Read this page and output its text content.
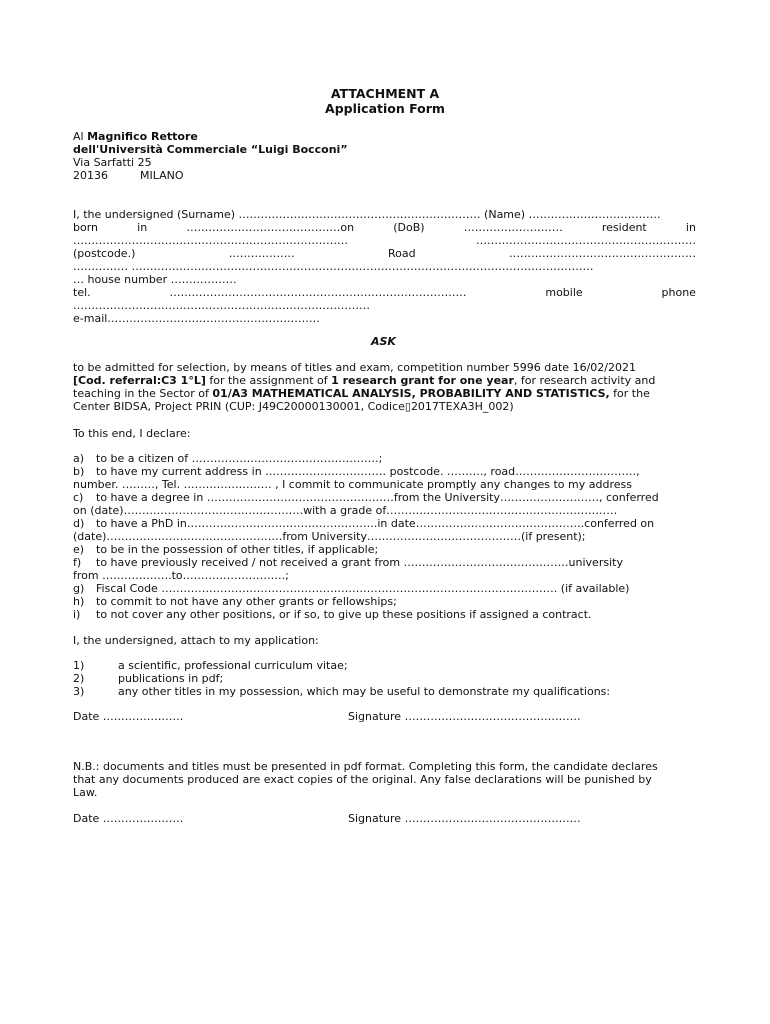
ATTACHMENT A
Application Form
Al Magnifico Rettore
dell'Università Commerciale “Luigi Bocconi”
Via Sarfatti 25
20136	MILANO
I, the undersigned (Surname) ………………………………………………………… (Name) ………………………………
born	in	……………………………………on	(DoB)	………………………	resident	in
…………………………………………………………………	……………………………………………………
(postcode.)	………………	Road	……………………………………………
…………… ………………………………………………………………………………………………………………
… house number ………………
tel.	………………………………………………………………………	mobile	phone
………………………………………………………………………
e-mail………………………………………………….
ASK
to be admitted for selection, by means of titles and exam, competition number 5996 date 16/02/2021
[Cod. referral:C3 1°L] for the assignment of 1 research grant for one year, for research activity and
teaching in the Sector of 01/A3 MATHEMATICAL ANALYSIS, PROBABILITY AND STATISTICS, for the
Center BIDSA, Project PRIN (CUP: J49C20000130001, Codice▯2017TEXA3H_002)
To this end, I declare:
a) to be a citizen of ……………………………………………;
b) to have my current address in …………………………… postcode. ………., road……………………………,
number. ………, Tel. …………………… , I commit to communicate promptly any changes to my address
c) to have a degree in ……………………………………………from the University………………………, conferred
on (date)………………………………………….with a grade of………………………………………………………
d) to have a PhD in…………………………………………….in date……………………………………….conferred on
(date)…………………………………………from University……………………………………(if present);
e) to be in the possession of other titles, if applicable;
f) to have previously received / not received a grant from ………………………………………university
from ……………….to……………………….;
g) Fiscal Code ……………………………………………………………………………………………… (if available)
h) to commit to not have any other grants or fellowships;
i) to not cover any other positions, or if so, to give up these positions if assigned a contract.
I, the undersigned, attach to my application:
1)	a scientific, professional curriculum vitae;
2)	publications in pdf;
3)	any other titles in my possession, which may be useful to demonstrate my qualifications:
Date ………………….	Signature …………………………………………
N.B.: documents and titles must be presented in pdf format. Completing this form, the candidate declares
that any documents produced are exact copies of the original. Any false declarations will be punished by
Law.
Date ………………….	Signature …………………………………………
